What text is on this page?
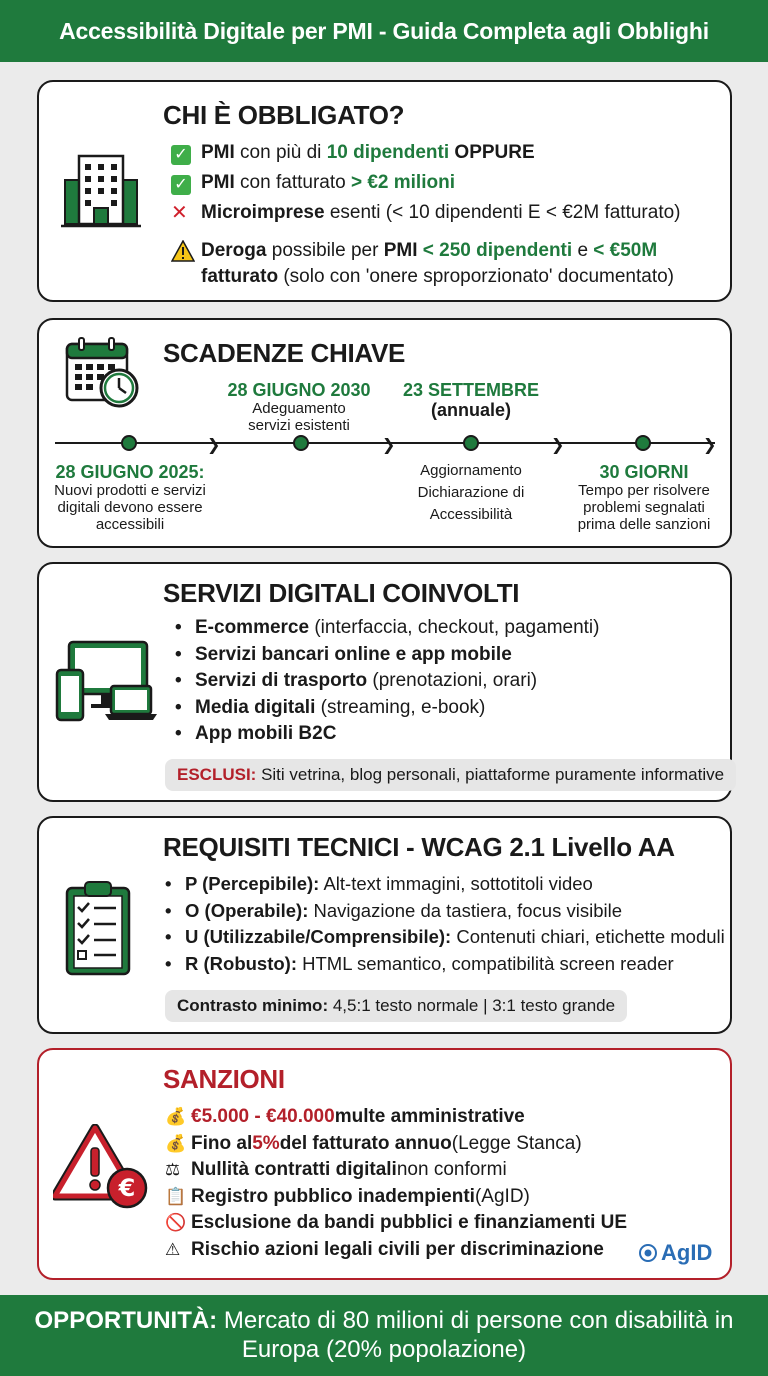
Accessibilità Digitale per PMI - Guida Completa agli Obblighi
CHI È OBBLIGATO?
✓ PMI con più di 10 dipendenti OPPURE
✓ PMI con fatturato > €2 milioni
✕ Microimprese esenti (< 10 dipendenti E < €2M fatturato)
Deroga possibile per PMI < 250 dipendenti e < €50M
fatturato (solo con 'onere sproporzionato' documentato)
SCADENZE CHIAVE
❯	❯	❯	❯
28 GIUGNO 2025:
Nuovi prodotti e servizi digitali devono essere accessibili
28 GIUGNO 2030
Adeguamento servizi esistenti
23 SETTEMBRE
(annuale)
Aggiornamento Dichiarazione di Accessibilità
30 GIORNI
Tempo per risolvere problemi segnalati prima delle sanzioni
SERVIZI DIGITALI COINVOLTI
• E-commerce (interfaccia, checkout, pagamenti)
• Servizi bancari online e app mobile
• Servizi di trasporto (prenotazioni, orari)
• Media digitali (streaming, e-book)
• App mobili B2C
ESCLUSI: Siti vetrina, blog personali, piattaforme puramente informative
REQUISITI TECNICI - WCAG 2.1 Livello AA
• P (Percepibile): Alt-text immagini, sottotitoli video
• O (Operabile): Navigazione da tastiera, focus visibile
• U (Utilizzabile/Comprensibile): Contenuti chiari, etichette moduli
• R (Robusto): HTML semantico, compatibilità screen reader
Contrasto minimo: 4,5:1 testo normale | 3:1 testo grande
€
SANZIONI
💰 €5.000 - €40.000 multe amministrative
💰 Fino al 5% del fatturato annuo (Legge Stanca)
⚖ Nullità contratti digitali non conformi
📋 Registro pubblico inadempienti (AgID)
🚫 Esclusione da bandi pubblici e finanziamenti UE
⚠ Rischio azioni legali civili per discriminazione	AgID
OPPORTUNITÀ: Mercato di 80 milioni di persone con disabilità in Europa (20% popolazione)
